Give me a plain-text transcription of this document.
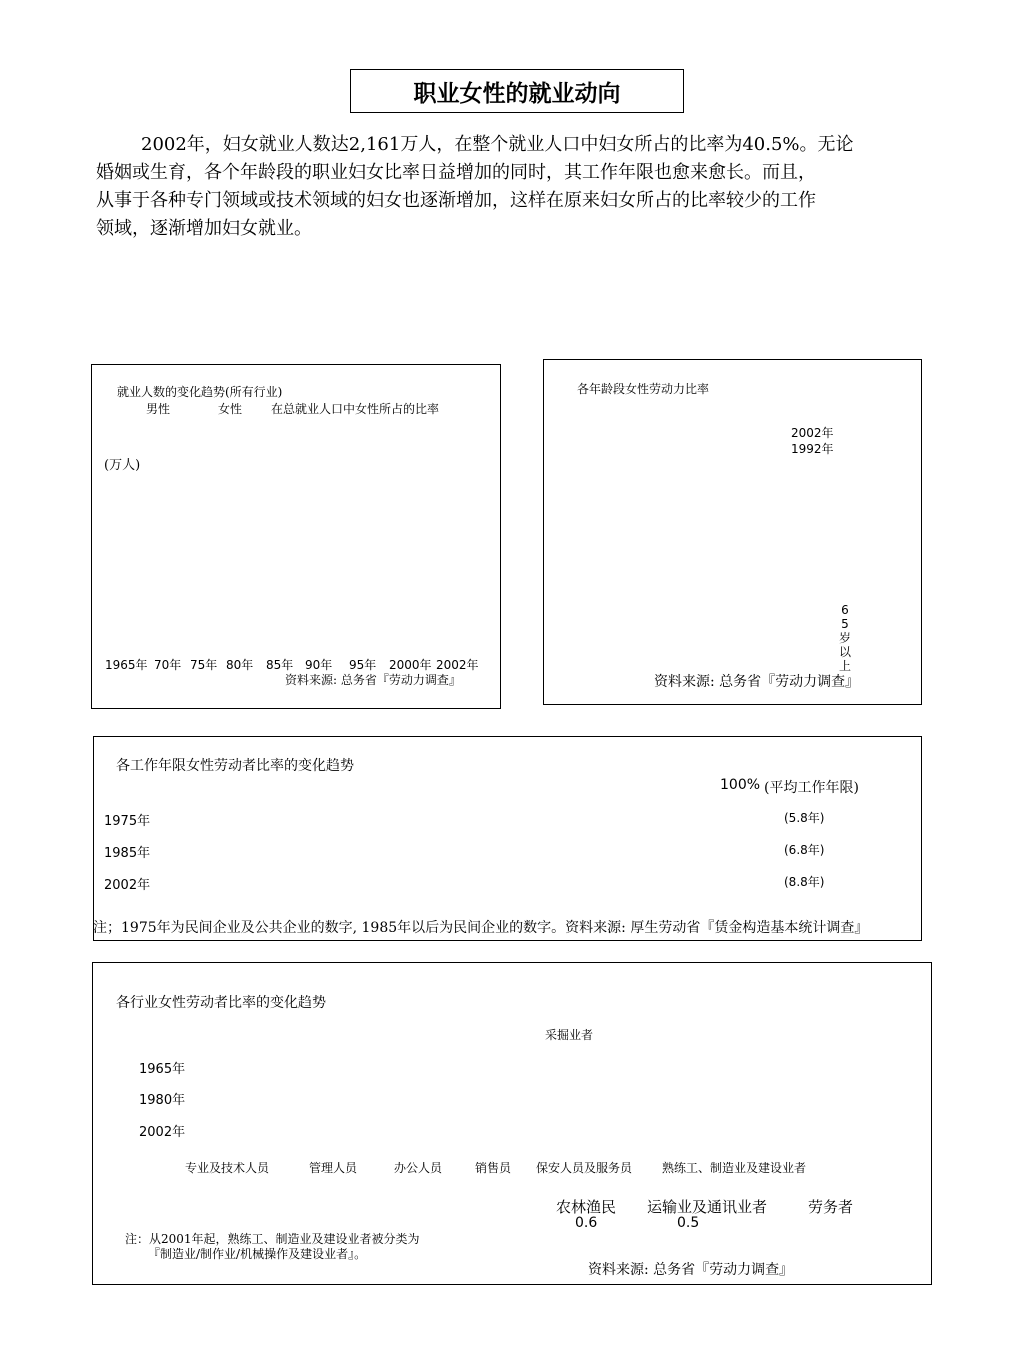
职业女性的就业动向

2002年，妇女就业人数达2,161万人，在整个就业人口中妇女所占的比率为40.5%。无论

婚姻或生育，各个年龄段的职业妇女比率日益增加的同时，其工作年限也愈来愈长。而且，

从事于各种专门领域或技术领域的妇女也逐渐增加，这样在原来妇女所占的比率较少的工作

领域，逐渐增加妇女就业。

就业人数的变化趋势(所有行业)
男性	女性 在总就业人口中女性所占的比率
(万人)
1965年 70年 75年 80年 85年 90年 95年 2000年 2002年
资料来源: 总务省『劳动力调查』
各年龄段女性劳动力比率
2002年
1992年
65岁以上
资料来源: 总务省『劳动力调查』
各工作年限女性劳动者比率的变化趋势
100% (平均工作年限)
1975年	(5.8年)
1985年	(6.8年)
2002年	(8.8年)
注；1975年为民间企业及公共企业的数字, 1985年以后为民间企业的数字。资料来源: 厚生劳动省『赁金构造基本统计调查』
各行业女性劳动者比率的变化趋势
采掘业者
1965年
1980年
2002年
专业及技术人员	管理人员	办公人员	销售员 保安人员及服务员 熟练工、制造业及建设业者
农林渔民 运输业及通讯业者	劳务者
0.6	0.5
注：从2001年起，熟练工、制造业及建设业者被分类为
『制造业/制作业/机械操作及建设业者』。
资料来源: 总务省『劳动力调查』
